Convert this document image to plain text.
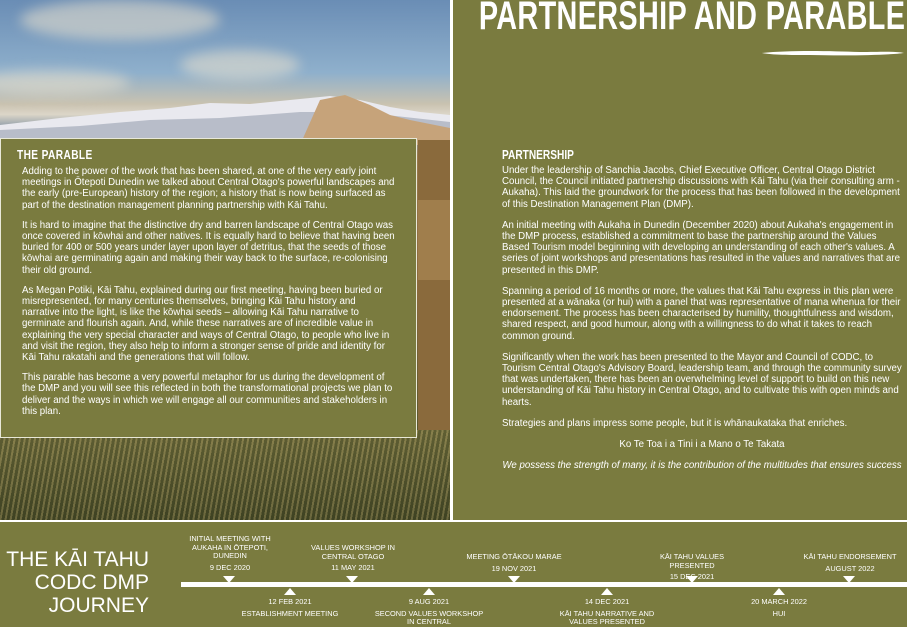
THE PARABLE

Adding to the power of the work that has been shared, at one of the very early joint meetings in Ōtepoti Dunedin we talked about Central Otago's powerful landscapes and the early (pre-European) history of the region; a history that is now being surfaced as part of the destination management planning partnership with Kāi Tahu.

It is hard to imagine that the distinctive dry and barren landscape of Central Otago was once covered in kōwhai and other natives. It is equally hard to believe that having been buried for 400 or 500 years under layer upon layer of detritus, that the seeds of those kōwhai are germinating again and making their way back to the surface, re-colonising their old ground.

As Megan Potiki, Kāi Tahu, explained during our first meeting, having been buried or misrepresented, for many centuries themselves, bringing Kāi Tahu history and narrative into the light, is like the kōwhai seeds – allowing Kāi Tahu narrative to germinate and flourish again. And, while these narratives are of incredible value in explaining the very special character and ways of Central Otago, to people who live in and visit the region, they also help to inform a stronger sense of pride and identity for Kāi Tahu rakatahi and the generations that will follow.

This parable has become a very powerful metaphor for us during the development of the DMP and you will see this reflected in both the transformational projects we plan to deliver and the ways in which we will engage all our communities and stakeholders in this plan.

PARTNERSHIP AND PARABLE
PARTNERSHIP

Under the leadership of Sanchia Jacobs, Chief Executive Officer, Central Otago District Council, the Council initiated partnership discussions with Kāi Tahu (via their consulting arm - Aukaha). This laid the groundwork for the process that has been followed in the development of this Destination Management Plan (DMP).

An initial meeting with Aukaha in Dunedin (December 2020) about Aukaha's engagement in the DMP process, established a commitment to base the partnership around the Values Based Tourism model beginning with developing an understanding of each other's values. A series of joint workshops and presentations has resulted in the values and narratives that are presented in this DMP.

Spanning a period of 16 months or more, the values that Kāi Tahu express in this plan were presented at a wānaka (or hui) with a panel that was representative of mana whenua for their endorsement. The process has been characterised by humility, thoughtfulness and wisdom, shared respect, and good humour, along with a willingness to do what it takes to reach common ground.

Significantly when the work has been presented to the Mayor and Council of CODC, to Tourism Central Otago's Advisory Board, leadership team, and through the community survey that was undertaken, there has been an overwhelming level of support to build on this new understanding of Kāi Tahu history in Central Otago, and to cultivate this with open minds and hearts.

Strategies and plans impress some people, but it is whānaukataka that enriches.

Ko Te Toa i a Tini i a Mano o Te Takata

We possess the strength of many, it is the contribution of the multitudes that ensures success

THE KĀI TAHU
CODC DMP
JOURNEY
INITIAL MEETING WITH AUKAHA IN ŌTEPOTI, DUNEDIN
9 DEC 2020
VALUES WORKSHOP IN CENTRAL OTAGO
11 MAY 2021
MEETING ŌTĀKOU MARAE
19 NOV 2021
KĀI TAHU VALUES PRESENTED
15 DEC 2021
KĀI TAHU ENDORSEMENT
AUGUST 2022
12 FEB 2021
ESTABLISHMENT MEETING
9 AUG 2021
SECOND VALUES WORKSHOP IN CENTRAL
14 DEC 2021
KĀI TAHU NARRATIVE AND VALUES PRESENTED
20 MARCH 2022
HUI
